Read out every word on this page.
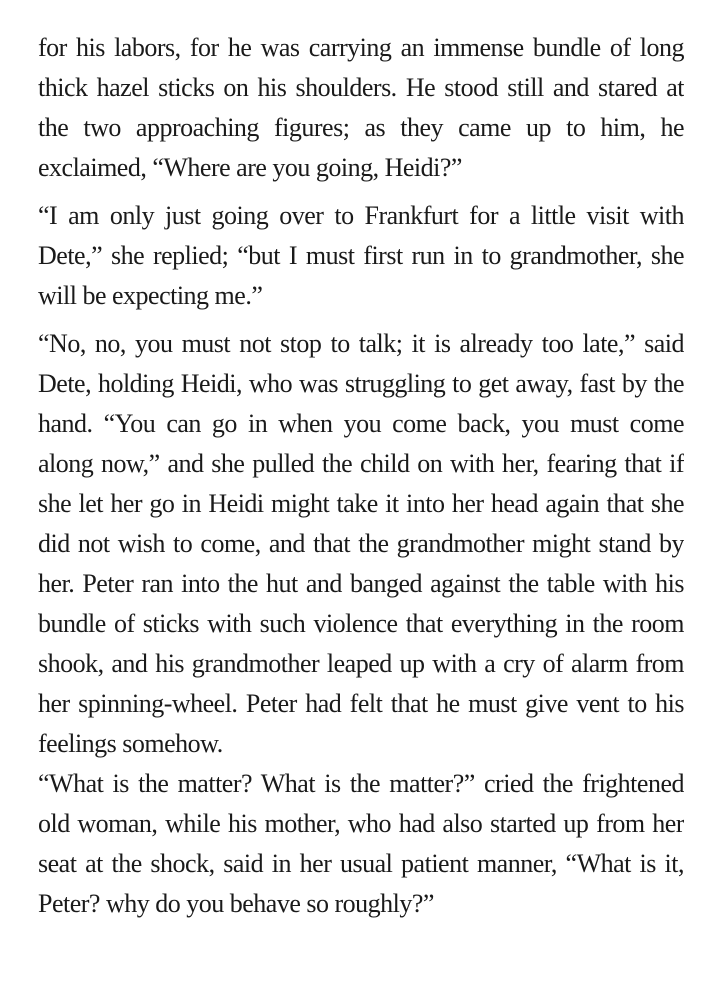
for his labors, for he was carrying an immense bundle of long thick hazel sticks on his shoulders. He stood still and stared at the two approaching figures; as they came up to him, he exclaimed, “Where are you going, Heidi?”

“I am only just going over to Frankfurt for a little visit with Dete,” she replied; “but I must first run in to grandmother, she will be expecting me.”

“No, no, you must not stop to talk; it is already too late,” said Dete, holding Heidi, who was struggling to get away, fast by the hand. “You can go in when you come back, you must come along now,” and she pulled the child on with her, fearing that if she let her go in Heidi might take it into her head again that she did not wish to come, and that the grandmother might stand by her. Peter ran into the hut and banged against the table with his bundle of sticks with such violence that everything in the room shook, and his grandmother leaped up with a cry of alarm from her spinning-wheel. Peter had felt that he must give vent to his feelings somehow.

“What is the matter? What is the matter?” cried the frightened old woman, while his mother, who had also started up from her seat at the shock, said in her usual patient manner, “What is it, Peter? why do you behave so roughly?”
